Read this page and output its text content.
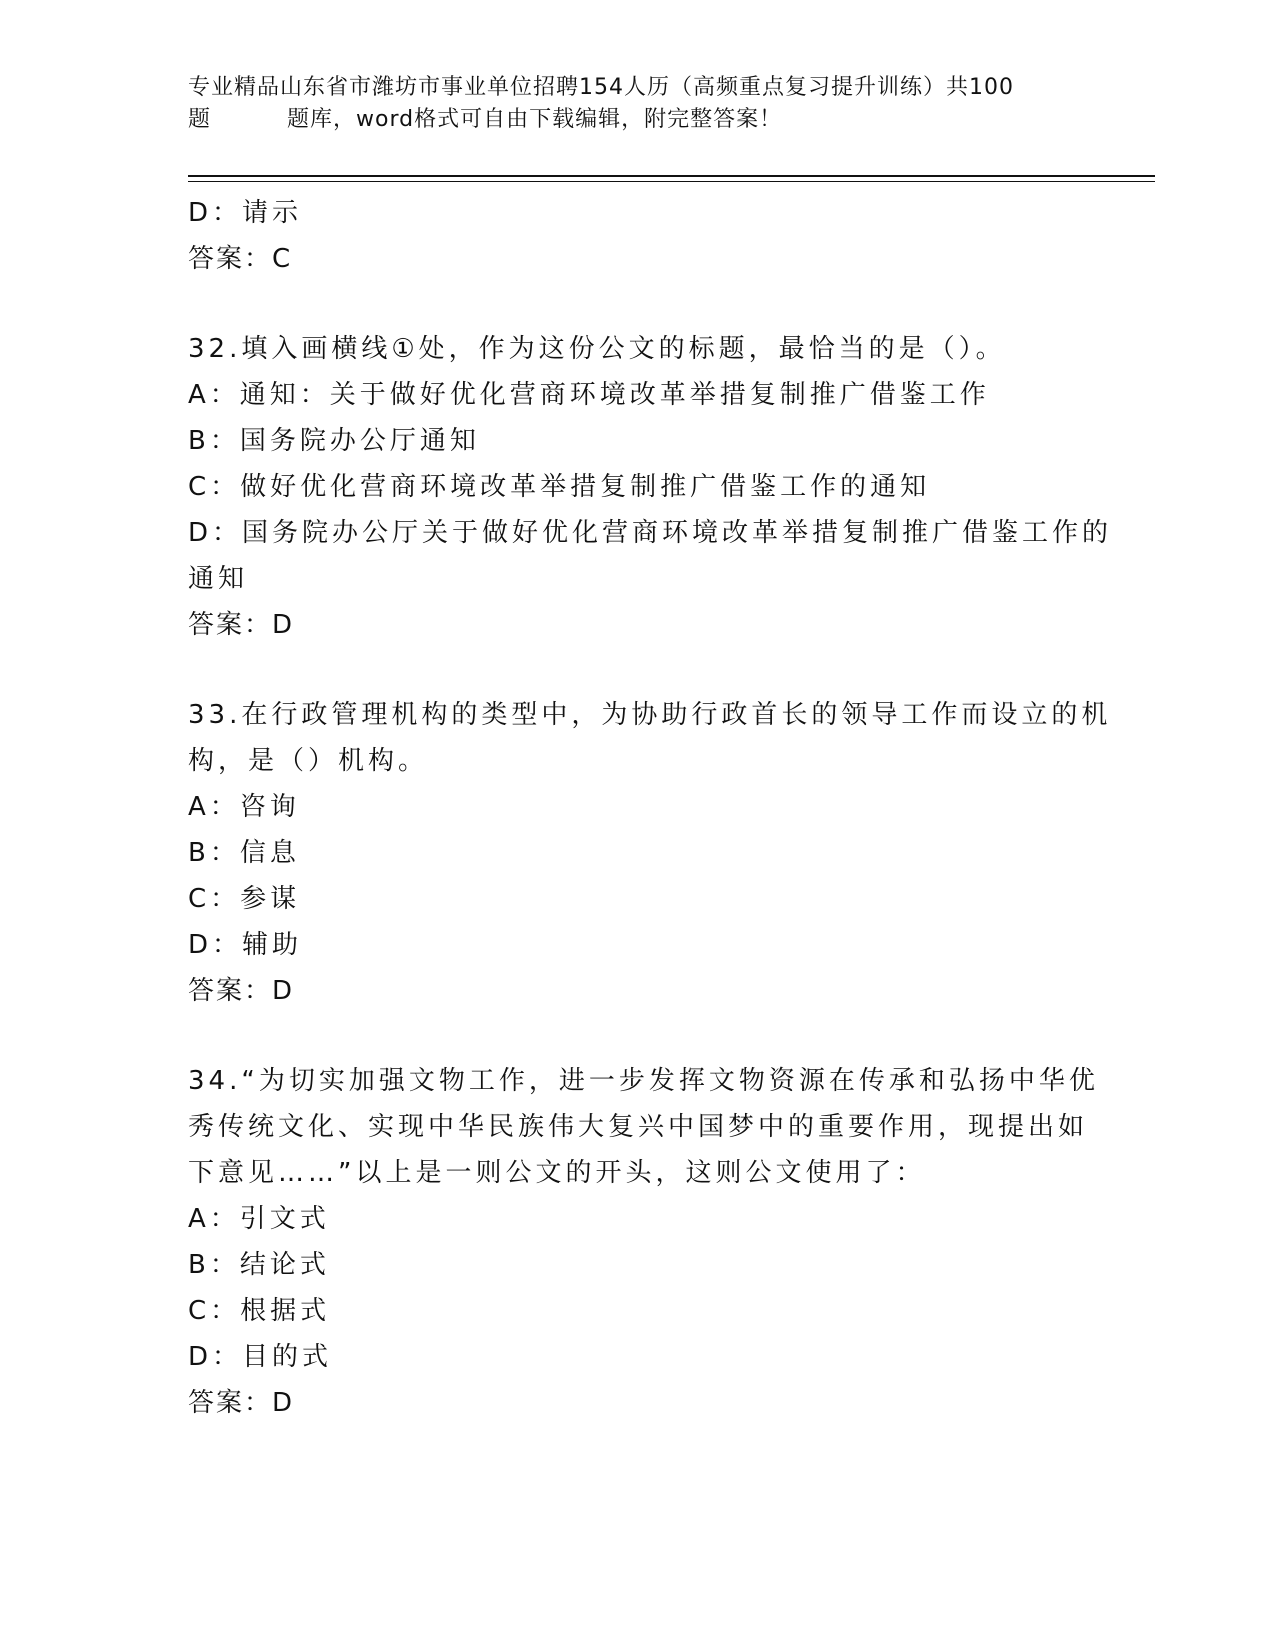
专业精品山东省市潍坊市事业单位招聘154人历（高频重点复习提升训练）共100
题	题库，word格式可自由下载编辑，附完整答案！

D：请示

答案：C

32.填入画横线①处，作为这份公文的标题，最恰当的是（）。

A：通知：关于做好优化营商环境改革举措复制推广借鉴工作

B：国务院办公厅通知

C：做好优化营商环境改革举措复制推广借鉴工作的通知

D：国务院办公厅关于做好优化营商环境改革举措复制推广借鉴工作的

通知

答案：D

33.在行政管理机构的类型中，为协助行政首长的领导工作而设立的机

构，是（）机构。

A：咨询

B：信息

C：参谋

D：辅助

答案：D

34.“为切实加强文物工作，进一步发挥文物资源在传承和弘扬中华优

秀传统文化、实现中华民族伟大复兴中国梦中的重要作用，现提出如

下意见……”以上是一则公文的开头，这则公文使用了：

A：引文式

B：结论式

C：根据式

D：目的式

答案：D
